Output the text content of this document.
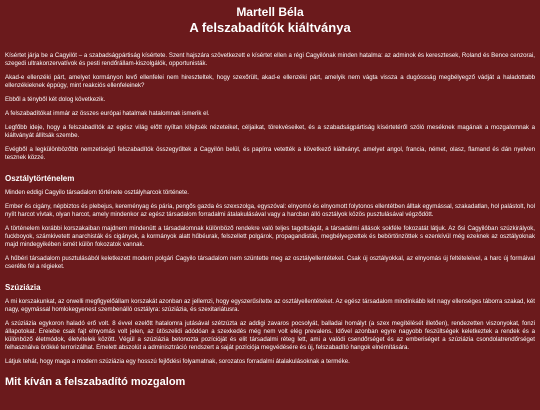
Martell Béla
A felszabadítók kiáltványa

Kísértet járja be a Cagyilót – a szabadságpártiság kísértete. Szent hajszára szövetkezett e kísértet ellen a régi Cagyilónak minden hatalma: az adminok és keresztesek, Roland és Bence cenzorai, szegedi ultrakonzervatívok és pesti rendőrállam-kiszolgálók, opportunisták.

Akad-e ellenzéki párt, amelyet kormányon levő ellenfelei nem hireszteltek, hogy szexőrült, akad-e ellenzéki párt, amelyik nem vágta vissza a dugóssság megbélyegző vádját a haladottabb ellenzékieknek éppúgy, mint reakciós ellenfeleinek?

Ebből a tényből két dolog következik.

A felszabadítókat immár az összes európai hatalmak hatalomnak ismerik el.

Legfőbb ideje, hogy a felszabadítók az egész világ előtt nyíltan kifejtsék nézeteiket, céljaikat, törekvéseiket, és a szabadságpártiság kísértetéről szóló meséknek magának a mozgalomnak a kiáltványát állítsák szembe.

Evégből a legkülönbözőbb nemzetiségű felszabadítók összegyűltek a Cagyilón belül, és papírra vetették a következő kiáltványt, amelyet angol, francia, német, olasz, flamand és dán nyelven tesznek közzé.

Osztálytörténelem

Minden eddigi Cagyilo társadalom története osztályharcok története.

Ember és cigány, népbiztos és plebejus, kereményag és pária, pengős gazda és szexszolga, egyszóval: elnyomó és elnyomott folytonos ellentétben álltak egymással, szakadatlan, hol palástolt, hol nyílt harcot vívtak, olyan harcot, amely mindenkor az egész társadalom forradalmi átalakulásával vagy a harcban álló osztályok közös pusztulásával végződött.

A történelem korábbi korszakaiban majdnem mindenütt a társadalomnak különböző rendekre való teljes tagoltságát, a társadalmi állások sokféle fokozatát látjuk. Az ősi Cagyilóban szúzkirályok, fuckboyok, számkivetett anarchisták és cigányok, a kormányok alatt hűbéurak, felszellett polgárok, propagandisták, megbélyegzettek és bebörtönzöttek s ezenkívül még ezeknek az osztályoknak majd mindegyikében ismét külön fokozatok vannak.

A hűbéri társadalom pusztulásából keletkezett modern polgári Cagyilo társadalom nem szüntette meg az osztályellentéteket. Csak új osztályokkal, az elnyomás új feltételeivel, a harc új formáival cserélte fel a régieket.

Szúziázia

A mi korszakunkat, az orwelli megfigyelőállam korszakát azonban az jellemzi, hogy egyszerűsítette az osztályellentéteket. Az egész társadalom mindinkább két nagy ellenséges táborra szakad, két nagy, egymással homlokegyenest szembenálló osztályra: szúziázia, és szexitariátusra.

A szúziázia egykoron haladó erő volt. 8 évvel ezelőtt hatalomra jutásával szétzúzta az addigi zavaros pocsolyát, balladai homályt (a szex megítélését illetően), rendezetten viszonyokat, fonzi állapotokat. Ereiebe csak fajt elnyomás volt jelen, az ütöszelidi adódóan a szexkedés még nem volt elég prevalens. Idővel azonban egyre nagyobb feszültségek keletkeztek a rendek és a különböző életmódok, életvitelek között. Végül a szúziázia betonozta pozícióját és elit társadalmi réteg lett, ami a valódi csendőrséget és az emberiséget a szúziázia csondolatrendőrséget felhasználva örökké terrorizálhat. Emelett abszolút a adminisztráció rendszert a saját pozíciója megvédésére és új, felszabadító hangok elnémítására.

Látjuk tehát, hogy maga a modern szúziázia egy hosszú fejlődési folyamatnak, sorozatos forradalmi átalakulásoknak a terméke.

Mit kíván a felszabadító mozgalom
